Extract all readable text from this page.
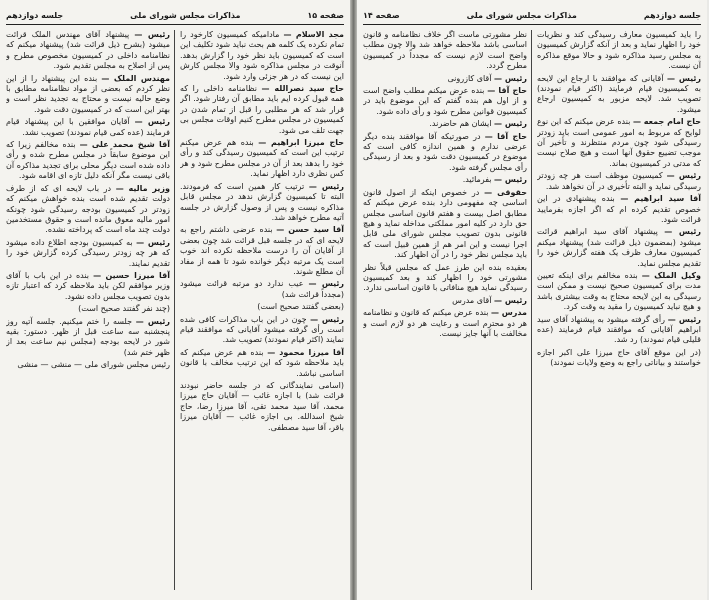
صفحه ۱۵
مذاکرات مجلس شورای ملی
جلسه دوازدهم

مجد الاسلام — مادامیکه کمیسیون کارخود را تمام نکرده یک کلمه هم بحث نباید شود تکلیف این است که کمیسیون باید نظر خود را گزارش بدهد. آنوقت در مجلس مذاکره شود والا مجلس کارش این نیست که در هر جزئی وارد شود.

حاج سید نصرالله — نظامنامه داخلی را که همه قبول کرده ایم باید مطابق آن رفتار شود. اگر قرار شد که هر مطلبی را قبل از تمام شدن در کمیسیون در مجلس مطرح کنیم اوقات مجلس بی جهت تلف می شود.

حاج میرزا ابراهیم — بنده هم عرض میکنم ترتیب این است که کمیسیون رسیدگی کند و رأی خود را بدهد بعد از آن در مجلس مطرح شود و هر کس نظری دارد اظهار نماید.

رئیس — ترتیب کار همین است که فرمودند. البته تا کمیسیون گزارش ندهد در مجلس قابل مذاکره نیست و پس از وصول گزارش در جلسه آتیه مطرح خواهد شد.

آقا سید حسن — بنده عرضی داشتم راجع به لایحه ای که در جلسه قبل قرائت شد چون بعضی از آقایان آن را درست ملاحظه نکرده اند خوب است یک مرتبه دیگر خوانده شود تا همه از مفاد آن مطلع شوند.

رئیس — عیب ندارد دو مرتبه قرائت میشود (مجدداً قرائت شد)

(بعضی گفتند صحیح است)

رئیس — چون در این باب مذاکرات کافی شده است رأی گرفته میشود آقایانی که موافقند قیام نمایند (اکثر قیام نمودند) تصویب شد.

آقا میرزا محمود — بنده هم عرض میکنم که باید ملاحظه شود که این ترتیب مخالف با قانون اساسی نباشد.

(اسامی نمایندگانی که در جلسه حاضر نبودند قرائت شد) با اجازه غائب — آقایان حاج میرزا محمد، آقا سید محمد تقی، آقا میرزا رضا، حاج شیخ اسدالله. بی اجازه غائب — آقایان میرزا باقر، آقا سید مصطفی.

رئیس — پیشنهاد آقای مهندس الملک قرائت میشود (بشرح ذیل قرائت شد) پیشنهاد میکنم که نظامنامه داخلی در کمیسیون مخصوص مطرح و پس از اصلاح به مجلس تقدیم شود.

مهندس الملک — بنده این پیشنهاد را از این نظر کردم که بعضی از مواد نظامنامه مطابق با وضع حالیه نیست و محتاج به تجدید نظر است و بهتر این است که در کمیسیون دقت شود.

رئیس — آقایان موافقین با این پیشنهاد قیام فرمایند (عده کمی قیام نمودند) تصویب نشد.

آقا شیخ محمد علی — بنده مخالفم زیرا که این موضوع سابقاً در مجلس مطرح شده و رأی داده شده است دیگر محلی برای تجدید مذاکره آن باقی نیست مگر آنکه دلیل تازه ای اقامه شود.

وزیر مالیه — در باب لایحه ای که از طرف دولت تقدیم شده است بنده خواهش میکنم که زودتر در کمیسیون بودجه رسیدگی شود چونکه امور مالیه معوق مانده است و حقوق مستخدمین دولت چند ماه است که پرداخته نشده.

رئیس — به کمیسیون بودجه اطلاع داده میشود که هر چه زودتر رسیدگی کرده گزارش خود را تقدیم نمایند.

آقا میرزا حسین — بنده در این باب با آقای وزیر موافقم لکن باید ملاحظه کرد که اعتبار تازه بدون تصویب مجلس داده نشود.

(چند نفر گفتند صحیح است)

رئیس — جلسه را ختم میکنیم. جلسه آتیه روز پنجشنبه سه ساعت قبل از ظهر. دستور: بقیه شور در لایحه بودجه (مجلس نیم ساعت بعد از ظهر ختم شد)

رئیس مجلس شورای ملی — منشی — منشی

جلسه دوازدهم
مذاکرات مجلس شورای ملی
صفحه ۱۴

را باید کمیسیون معارف رسیدگی کند و نظریات خود را اظهار نماید و بعد از آنکه گزارش کمیسیون به مجلس رسید مذاکره شود و حالا موقع مذاکره آن نیست.

رئیس — آقایانی که موافقند با ارجاع این لایحه به کمیسیون قیام فرمایند (اکثر قیام نمودند) تصویب شد. لایحه مزبور به کمیسیون ارجاع میشود.

حاج امام جمعه — بنده عرض میکنم که این نوع لوایح که مربوط به امور عمومی است باید زودتر رسیدگی شود چون مردم منتظرند و تأخیر آن موجب تضییع حقوق آنها است و هیچ صلاح نیست که مدتی در کمیسیون بماند.

رئیس — کمیسیون موظف است هر چه زودتر رسیدگی نماید و البته تأخیری در آن نخواهد شد.

آقا سید ابراهیم — بنده پیشنهادی در این خصوص تقدیم کرده ام که اگر اجازه بفرمایید قرائت شود.

رئیس — پیشنهاد آقای سید ابراهیم قرائت میشود (بمضمون ذیل قرائت شد) پیشنهاد میکنم کمیسیون معارف ظرف یک هفته گزارش خود را تقدیم مجلس نماید.

وکیل الملک — بنده مخالفم برای اینکه تعیین مدت برای کمیسیون صحیح نیست و ممکن است رسیدگی به این لایحه محتاج به وقت بیشتری باشد و هیچ نباید کمیسیون را مقید به وقت کرد.

رئیس — رأی گرفته میشود به پیشنهاد آقای سید ابراهیم آقایانی که موافقند قیام فرمایند (عده قلیلی قیام نمودند) رد شد.

(در این موقع آقای حاج میرزا علی اکبر اجازه خواستند و بیاناتی راجع به وضع ولایات نمودند)

نظر مشورتی ماست اگر خلاف نظامنامه و قانون اساسی باشد ملاحظه خواهد شد والا چون مطلب واضح است لازم نیست که مجدداً در کمیسیون مطرح گردد.

رئیس — آقای کازرونی

حاج آقا — بنده عرض میکنم مطلب واضح است و از اول هم بنده گفتم که این موضوع باید در کمیسیون قوانین مطرح شود و رأی داده شود.

رئیس — ایشان هم حاضرند.

حاج آقا — در صورتیکه آقا موافقند بنده دیگر عرضی ندارم و همین اندازه کافی است که موضوع در کمیسیون دقت شود و بعد از رسیدگی رأی مجلس گرفته شود.

رئیس — بفرمائید.

حقوقی — در خصوص اینکه از اصول قانون اساسی چه مفهومی دارد بنده عرض میکنم که مطابق اصل بیست و هفتم قانون اساسی مجلس حق دارد در کلیه امور مملکتی مداخله نماید و هیچ قانونی بدون تصویب مجلس شورای ملی قابل اجرا نیست و این امر هم از همین قبیل است که باید مجلس نظر خود را در آن اظهار کند.

بعقیده بنده این طرز عمل که مجلس قبلاً نظر مشورتی خود را اظهار کند و بعد کمیسیون رسیدگی نماید هیچ منافاتی با قانون اساسی ندارد.

رئیس — آقای مدرس

مدرس — بنده عرض میکنم که قانون و نظامنامه هر دو محترم است و رعایت هر دو لازم است و مخالفت با آنها جایز نیست.
